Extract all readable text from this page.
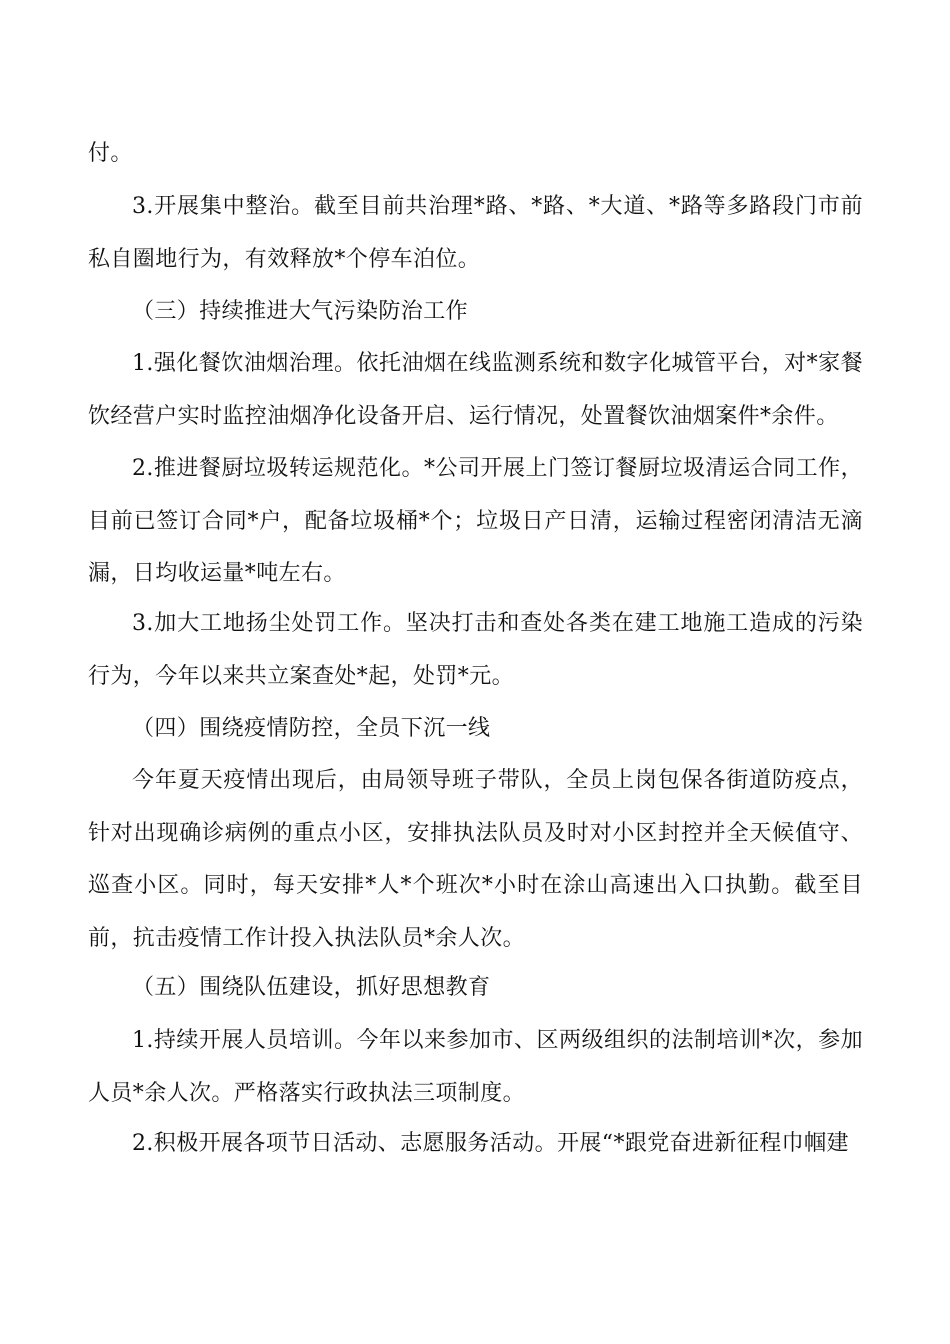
付。

3.开展集中整治。截至目前共治理*路、*路、*大道、*路等多路段门市前私自圈地行为，有效释放*个停车泊位。

（三）持续推进大气污染防治工作

1.强化餐饮油烟治理。依托油烟在线监测系统和数字化城管平台，对*家餐饮经营户实时监控油烟净化设备开启、运行情况，处置餐饮油烟案件*余件。

2.推进餐厨垃圾转运规范化。*公司开展上门签订餐厨垃圾清运合同工作，目前已签订合同*户，配备垃圾桶*个；垃圾日产日清，运输过程密闭清洁无滴漏，日均收运量*吨左右。

3.加大工地扬尘处罚工作。坚决打击和查处各类在建工地施工造成的污染行为，今年以来共立案查处*起，处罚*元。

（四）围绕疫情防控，全员下沉一线

今年夏天疫情出现后，由局领导班子带队，全员上岗包保各街道防疫点，针对出现确诊病例的重点小区，安排执法队员及时对小区封控并全天候值守、巡查小区。同时，每天安排*人*个班次*小时在涂山高速出入口执勤。截至目前，抗击疫情工作计投入执法队员*余人次。

（五）围绕队伍建设，抓好思想教育

1.持续开展人员培训。今年以来参加市、区两级组织的法制培训*次，参加人员*余人次。严格落实行政执法三项制度。

2.积极开展各项节日活动、志愿服务活动。开展“*跟党奋进新征程巾帼建
